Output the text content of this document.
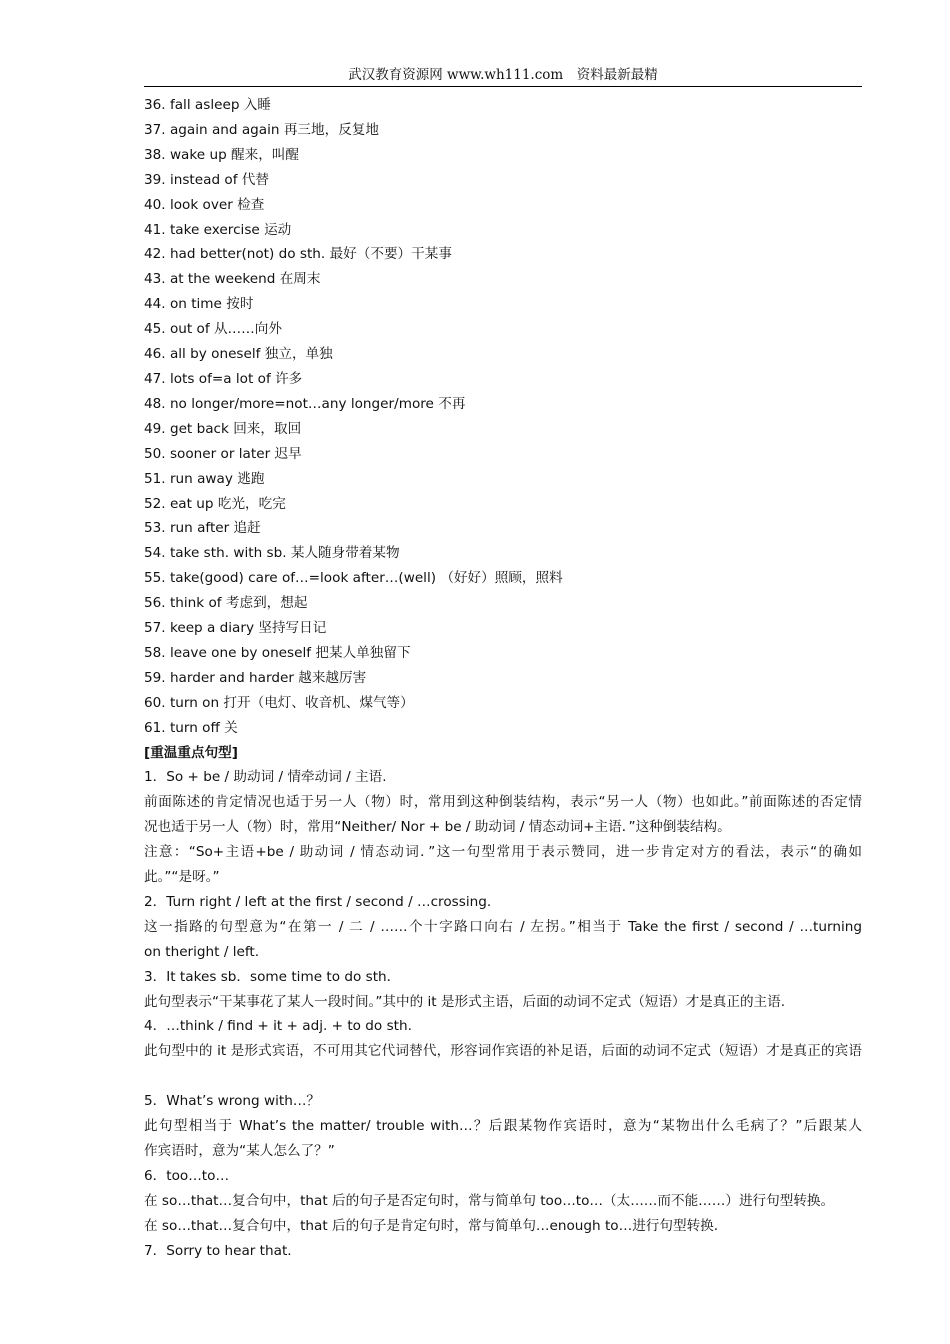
武汉教育资源网 www.wh111.com　资料最新最精
36. fall asleep 入睡
37. again and again 再三地，反复地
38. wake up 醒来，叫醒
39. instead of 代替
40. look over 检查
41. take exercise 运动
42. had better(not) do sth. 最好（不要）干某事
43. at the weekend 在周末
44. on time 按时
45. out of 从……向外
46. all by oneself 独立，单独
47. lots of=a lot of 许多
48. no longer/more=not…any longer/more 不再
49. get back 回来，取回
50. sooner or later 迟早
51. run away 逃跑
52. eat up 吃光，吃完
53. run after 追赶
54. take sth. with sb. 某人随身带着某物
55. take(good) care of…=look after…(well) （好好）照顾，照料
56. think of 考虑到，想起
57. keep a diary 坚持写日记
58. leave one by oneself 把某人单独留下
59. harder and harder 越来越厉害
60. turn on 打开（电灯、收音机、煤气等）
61. turn off 关
[重温重点句型]
1．So + be / 助动词 / 情牵动词 / 主语.
前面陈述的肯定情况也适于另一人（物）时，常用到这种倒装结构，表示“另一人（物）也如此。”前面陈述的否定情
况也适于另一人（物）时，常用“Neither/ Nor + be / 助动词 / 情态动词+主语．”这种倒装结构。
注意：“So+主语+be / 助动词 / 情态动词．”这一句型常用于表示赞同，进一步肯定对方的看法，表示“的确如
此。”“是呀。”
2．Turn right / left at the first / second / …crossing.
这一指路的句型意为“在第一 / 二 / ……个十字路口向右 / 左拐。”相当于 Take the first / second / …turning
on theright / left.
3．It takes sb．some time to do sth．
此句型表示“干某事花了某人一段时间。”其中的 it 是形式主语，后面的动词不定式（短语）才是真正的主语.
4．…think / find + it + adj. + to do sth.
此句型中的 it 是形式宾语，不可用其它代词替代，形容词作宾语的补足语，后面的动词不定式（短语）才是真正的宾语
5．What’s wrong with…？
此句型相当于 What’s the matter/ trouble with…？后跟某物作宾语时，意为“某物出什么毛病了？”后跟某人
作宾语时，意为“某人怎么了？”
6．too…to…
在 so…that…复合句中，that 后的句子是否定句时，常与简单句 too…to…（太……而不能……）进行句型转换。
在 so…that…复合句中，that 后的句子是肯定句时，常与简单句…enough to…进行句型转换.
7．Sorry to hear that.
